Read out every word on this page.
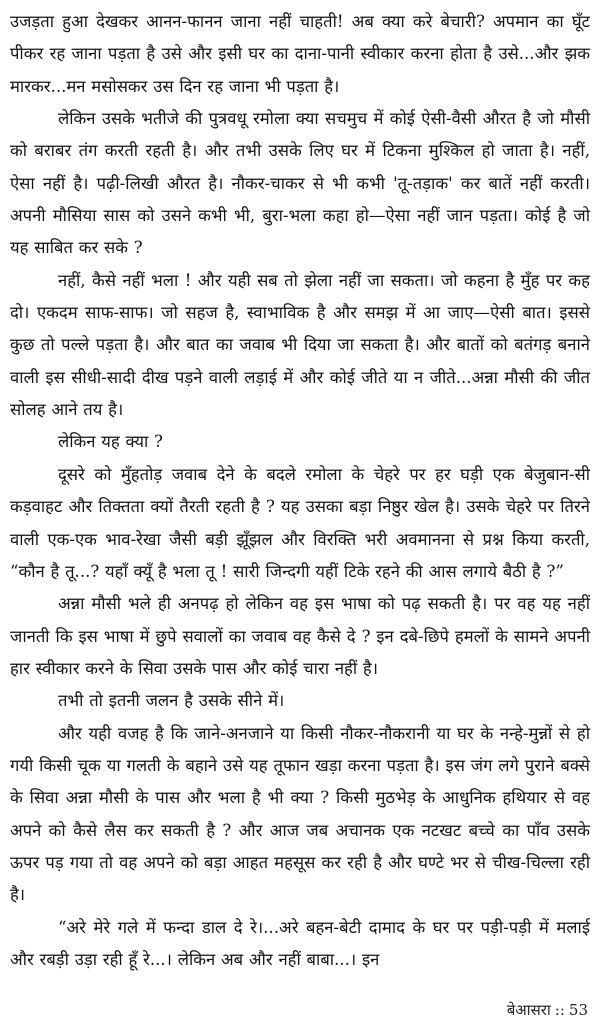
उजड़ता हुआ देखकर आनन-फानन जाना नहीं चाहती! अब क्या करे बेचारी? अपमान का घूँट पीकर रह जाना पड़ता है उसे और इसी घर का दाना-पानी स्वीकार करना होता है उसे...और झक मारकर...मन मसोसकर उस दिन रह जाना भी पड़ता है।

लेकिन उसके भतीजे की पुत्रवधू रमोला क्या सचमुच में कोई ऐसी-वैसी औरत है जो मौसी को बराबर तंग करती रहती है। और तभी उसके लिए घर में टिकना मुश्किल हो जाता है। नहीं, ऐसा नहीं है। पढ़ी-लिखी औरत है। नौकर-चाकर से भी कभी 'तू-तड़ाक' कर बातें नहीं करती। अपनी मौसिया सास को उसने कभी भी, बुरा-भला कहा हो—ऐसा नहीं जान पड़ता। कोई है जो यह साबित कर सके ?

नहीं, कैसे नहीं भला ! और यही सब तो झेला नहीं जा सकता। जो कहना है मुँह पर कह दो। एकदम साफ-साफ। जो सहज है, स्वाभाविक है और समझ में आ जाए—ऐसी बात। इससे कुछ तो पल्ले पड़ता है। और बात का जवाब भी दिया जा सकता है। और बातों को बतंगड़ बनाने वाली इस सीधी-सादी दीख पड़ने वाली लड़ाई में और कोई जीते या न जीते...अन्ना मौसी की जीत सोलह आने तय है।

लेकिन यह क्या ?

दूसरे को मुँहतोड़ जवाब देने के बदले रमोला के चेहरे पर हर घड़ी एक बेजुबान-सी कड़वाहट और तिक्तता क्यों तैरती रहती है ? यह उसका बड़ा निष्ठुर खेल है। उसके चेहरे पर तिरने वाली एक-एक भाव-रेखा जैसी बड़ी झूँझल और विरक्ति भरी अवमानना से प्रश्न किया करती, “कौन है तू...? यहाँ क्यूँ है भला तू ! सारी जिन्दगी यहीं टिके रहने की आस लगाये बैठी है ?”

अन्ना मौसी भले ही अनपढ़ हो लेकिन वह इस भाषा को पढ़ सकती है। पर वह यह नहीं जानती कि इस भाषा में छुपे सवालों का जवाब वह कैसे दे ? इन दबे-छिपे हमलों के सामने अपनी हार स्वीकार करने के सिवा उसके पास और कोई चारा नहीं है।

तभी तो इतनी जलन है उसके सीने में।

और यही वजह है कि जाने-अनजाने या किसी नौकर-नौकरानी या घर के नन्हे-मुन्नों से हो गयी किसी चूक या गलती के बहाने उसे यह तूफान खड़ा करना पड़ता है। इस जंग लगे पुराने बक्से के सिवा अन्ना मौसी के पास और भला है भी क्या ? किसी मुठभेड़ के आधुनिक हथियार से वह अपने को कैसे लैस कर सकती है ? और आज जब अचानक एक नटखट बच्चे का पाँव उसके ऊपर पड़ गया तो वह अपने को बड़ा आहत महसूस कर रही है और घण्टे भर से चीख-चिल्ला रही है।

“अरे मेरे गले में फन्दा डाल दे रे।...अरे बहन-बेटी दामाद के घर पर पड़ी-पड़ी में मलाई और रबड़ी उड़ा रही हूँ रे...। लेकिन अब और नहीं बाबा...। इन

बेआसरा :: 53
